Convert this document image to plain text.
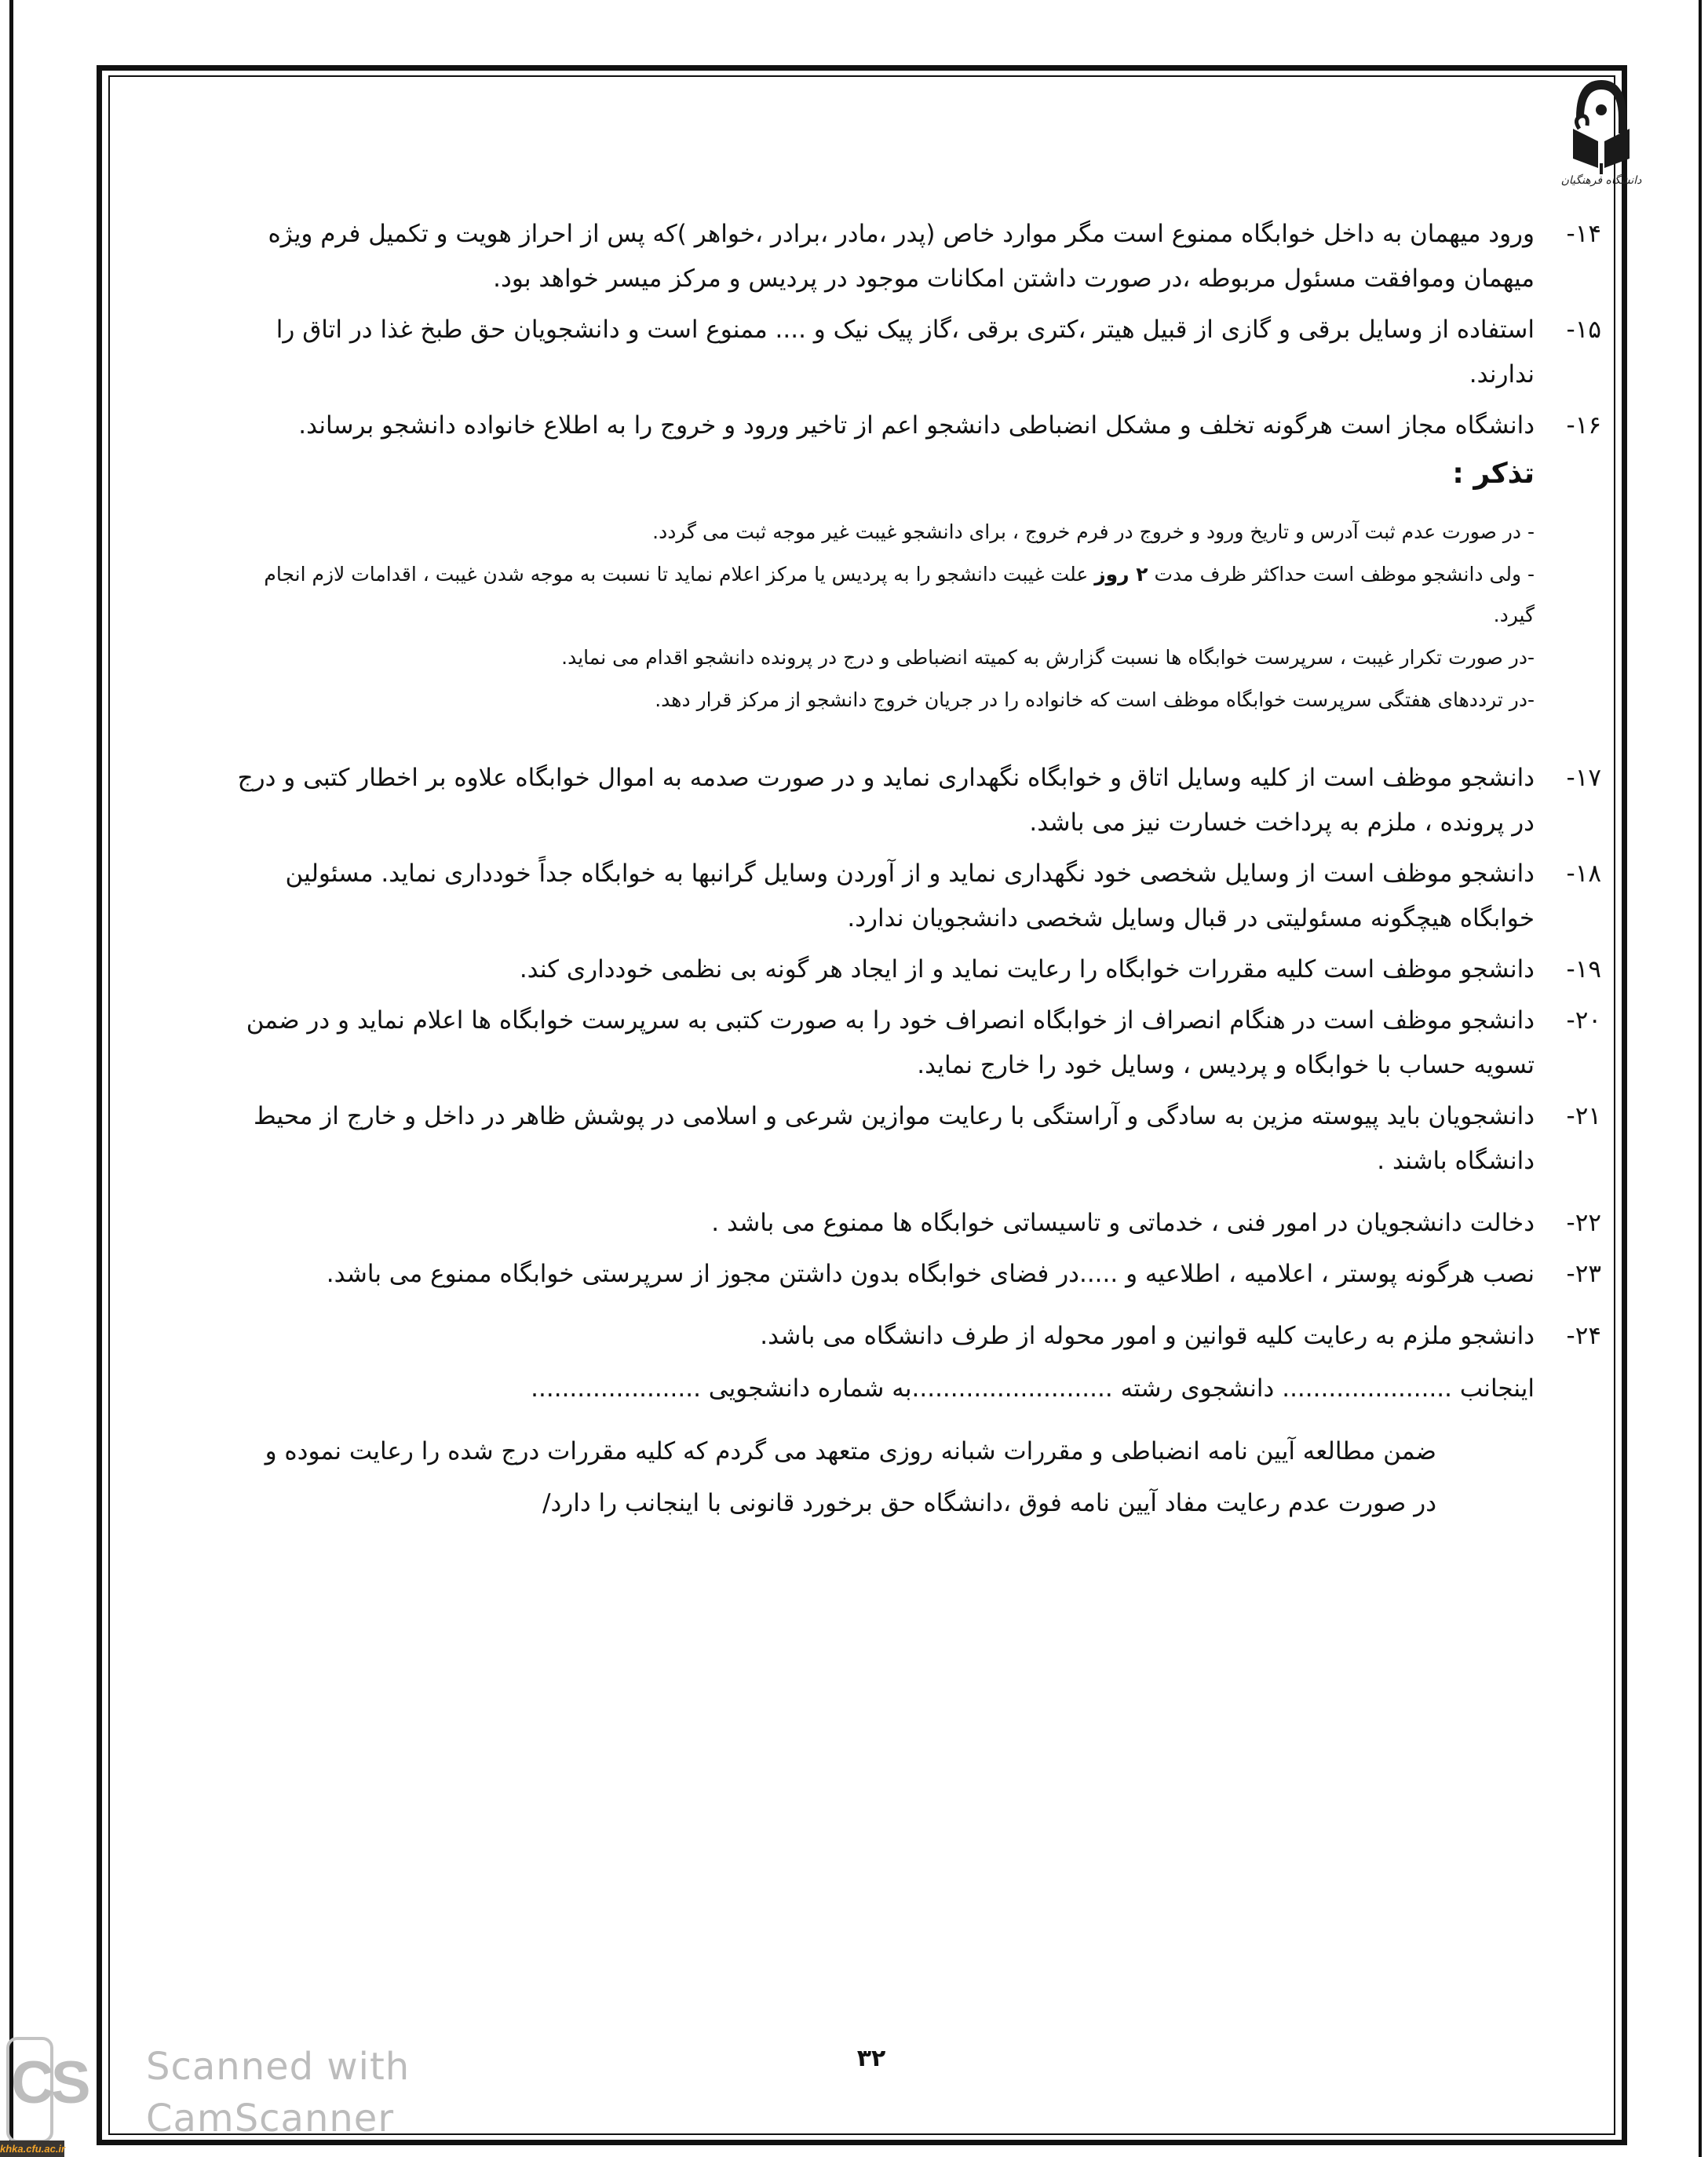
دانشگاه فرهنگیان
۱۴-

ورود میهمان به داخل خوابگاه ممنوع است مگر موارد خاص (پدر ،مادر ،برادر ،خواهر )که پس از احراز هویت و تکمیل فرم ویژه میهمان وموافقت مسئول مربوطه ،در صورت داشتن امکانات موجود در پردیس و مرکز میسر خواهد بود.

۱۵-

استفاده از وسایل برقی و گازی از قبیل هیتر ،کتری برقی ،گاز پیک نیک و .... ممنوع است و دانشجویان حق طبخ غذا در اتاق را ندارند.

۱۶-

دانشگاه مجاز است هرگونه تخلف و مشکل انضباطی دانشجو اعم از تاخیر ورود و خروج را به اطلاع خانواده دانشجو برساند.

تذکر :

- در صورت عدم ثبت آدرس و تاریخ ورود و خروج در فرم خروج ، برای دانشجو غیبت غیر موجه ثبت می گردد.

- ولی دانشجو موظف است حداکثر ظرف مدت ۲ روز علت غیبت دانشجو را به پردیس یا مرکز اعلام نماید تا نسبت به موجه شدن غیبت ، اقدامات لازم انجام گیرد.

-در صورت تکرار غیبت ، سرپرست خوابگاه ها نسبت گزارش به کمیته انضباطی و درج در پرونده دانشجو اقدام می نماید.

-در ترددهای هفتگی سرپرست خوابگاه موظف است که خانواده را در جریان خروج دانشجو از مرکز قرار دهد.

۱۷-

دانشجو موظف است از کلیه وسایل اتاق و خوابگاه نگهداری نماید و در صورت صدمه به اموال خوابگاه علاوه بر اخطار کتبی و درج در پرونده ، ملزم به پرداخت خسارت نیز می باشد.

۱۸-

دانشجو موظف است از وسایل شخصی خود نگهداری نماید و از آوردن وسایل گرانبها به خوابگاه جداً خودداری نماید. مسئولین خوابگاه هیچگونه مسئولیتی در قبال وسایل شخصی دانشجویان ندارد.

۱۹-

دانشجو موظف است کلیه مقررات خوابگاه را رعایت نماید و از ایجاد هر گونه بی نظمی خودداری کند.

۲۰-

دانشجو موظف است در هنگام انصراف از خوابگاه انصراف خود را به صورت کتبی به سرپرست خوابگاه ها اعلام نماید و در ضمن تسویه حساب با خوابگاه و پردیس ، وسایل خود را خارج نماید.

۲۱-

دانشجویان باید پیوسته مزین به سادگی و آراستگی با رعایت موازین شرعی و اسلامی در پوشش ظاهر در داخل و خارج از محیط دانشگاه باشند .

۲۲-

دخالت دانشجویان در امور فنی ، خدماتی و تاسیساتی خوابگاه ها ممنوع می باشد .

۲۳-

نصب هرگونه پوستر ، اعلامیه ، اطلاعیه و .....در فضای خوابگاه بدون داشتن مجوز از سرپرستی خوابگاه ممنوع می باشد.

۲۴-

دانشجو ملزم به رعایت کلیه قوانین و امور محوله از طرف دانشگاه می باشد.

اینجانب ...................... دانشجوی رشته ..........................به شماره دانشجویی ......................

ضمن مطالعه آیین نامه انضباطی و مقررات شبانه روزی متعهد می گردم که کلیه مقررات درج شده را رعایت نموده و در صورت عدم رعایت مفاد آیین نامه فوق ،دانشگاه حق برخورد قانونی با اینجانب را دارد/

۳۲
CS Scanned with
CamScanner
khka.cfu.ac.ir
